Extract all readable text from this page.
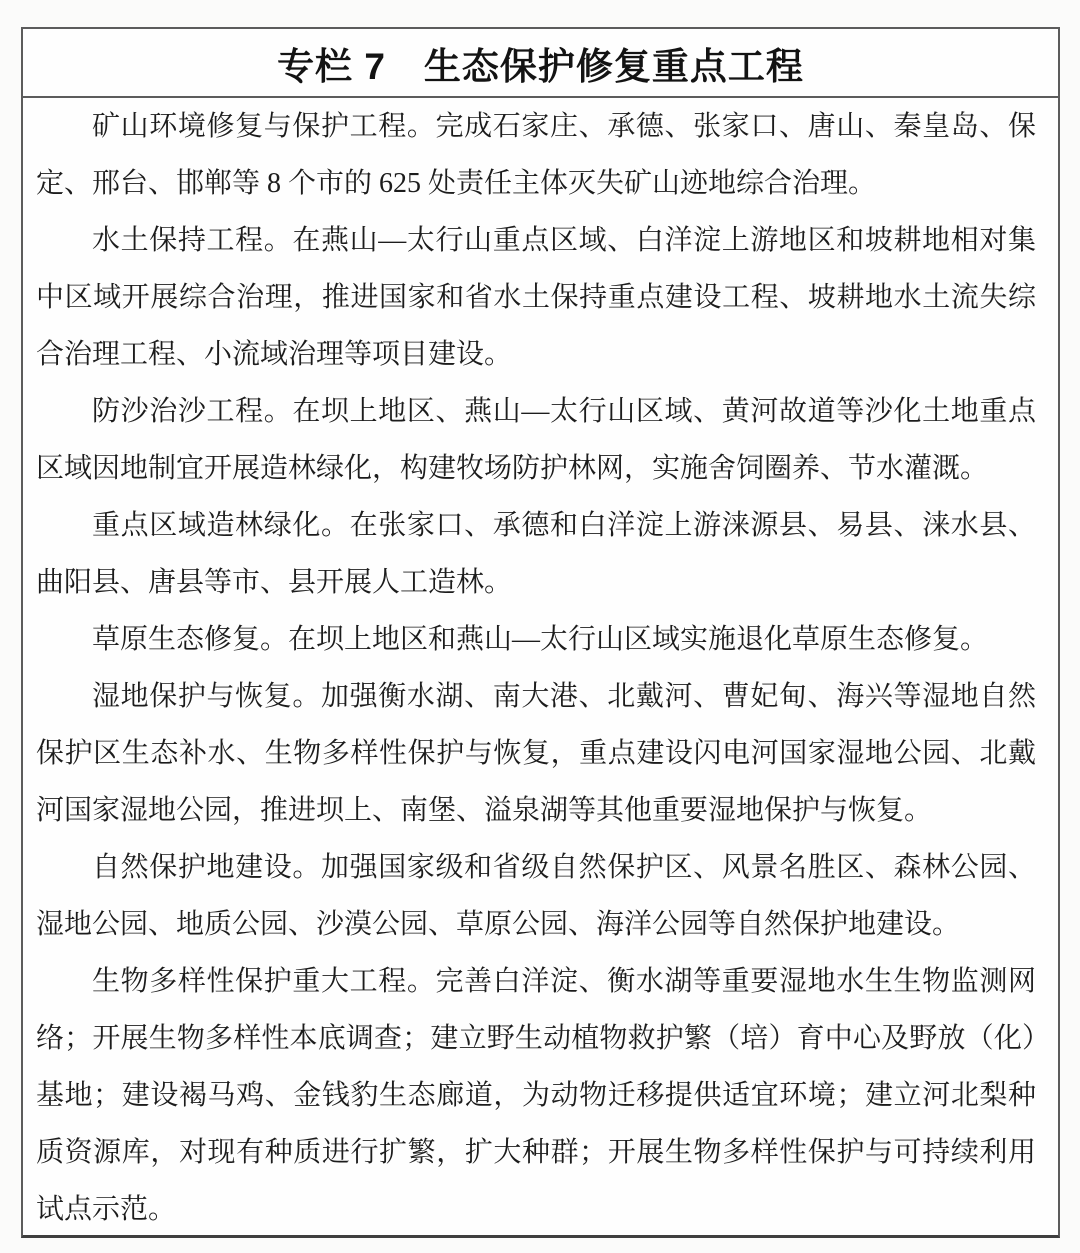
专栏 7　生态保护修复重点工程

矿山环境修复与保护工程。完成石家庄、承德、张家口、唐山、秦皇岛、保定、邢台、邯郸等 8 个市的 625 处责任主体灭失矿山迹地综合治理。

水土保持工程。在燕山—太行山重点区域、白洋淀上游地区和坡耕地相对集中区域开展综合治理，推进国家和省水土保持重点建设工程、坡耕地水土流失综合治理工程、小流域治理等项目建设。

防沙治沙工程。在坝上地区、燕山—太行山区域、黄河故道等沙化土地重点区域因地制宜开展造林绿化，构建牧场防护林网，实施舍饲圈养、节水灌溉。

重点区域造林绿化。在张家口、承德和白洋淀上游涞源县、易县、涞水县、曲阳县、唐县等市、县开展人工造林。

草原生态修复。在坝上地区和燕山—太行山区域实施退化草原生态修复。

湿地保护与恢复。加强衡水湖、南大港、北戴河、曹妃甸、海兴等湿地自然保护区生态补水、生物多样性保护与恢复，重点建设闪电河国家湿地公园、北戴河国家湿地公园，推进坝上、南堡、溢泉湖等其他重要湿地保护与恢复。

自然保护地建设。加强国家级和省级自然保护区、风景名胜区、森林公园、湿地公园、地质公园、沙漠公园、草原公园、海洋公园等自然保护地建设。

生物多样性保护重大工程。完善白洋淀、衡水湖等重要湿地水生生物监测网络；开展生物多样性本底调查；建立野生动植物救护繁（培）育中心及野放（化）基地；建设褐马鸡、金钱豹生态廊道，为动物迁移提供适宜环境；建立河北梨种质资源库，对现有种质进行扩繁，扩大种群；开展生物多样性保护与可持续利用试点示范。
